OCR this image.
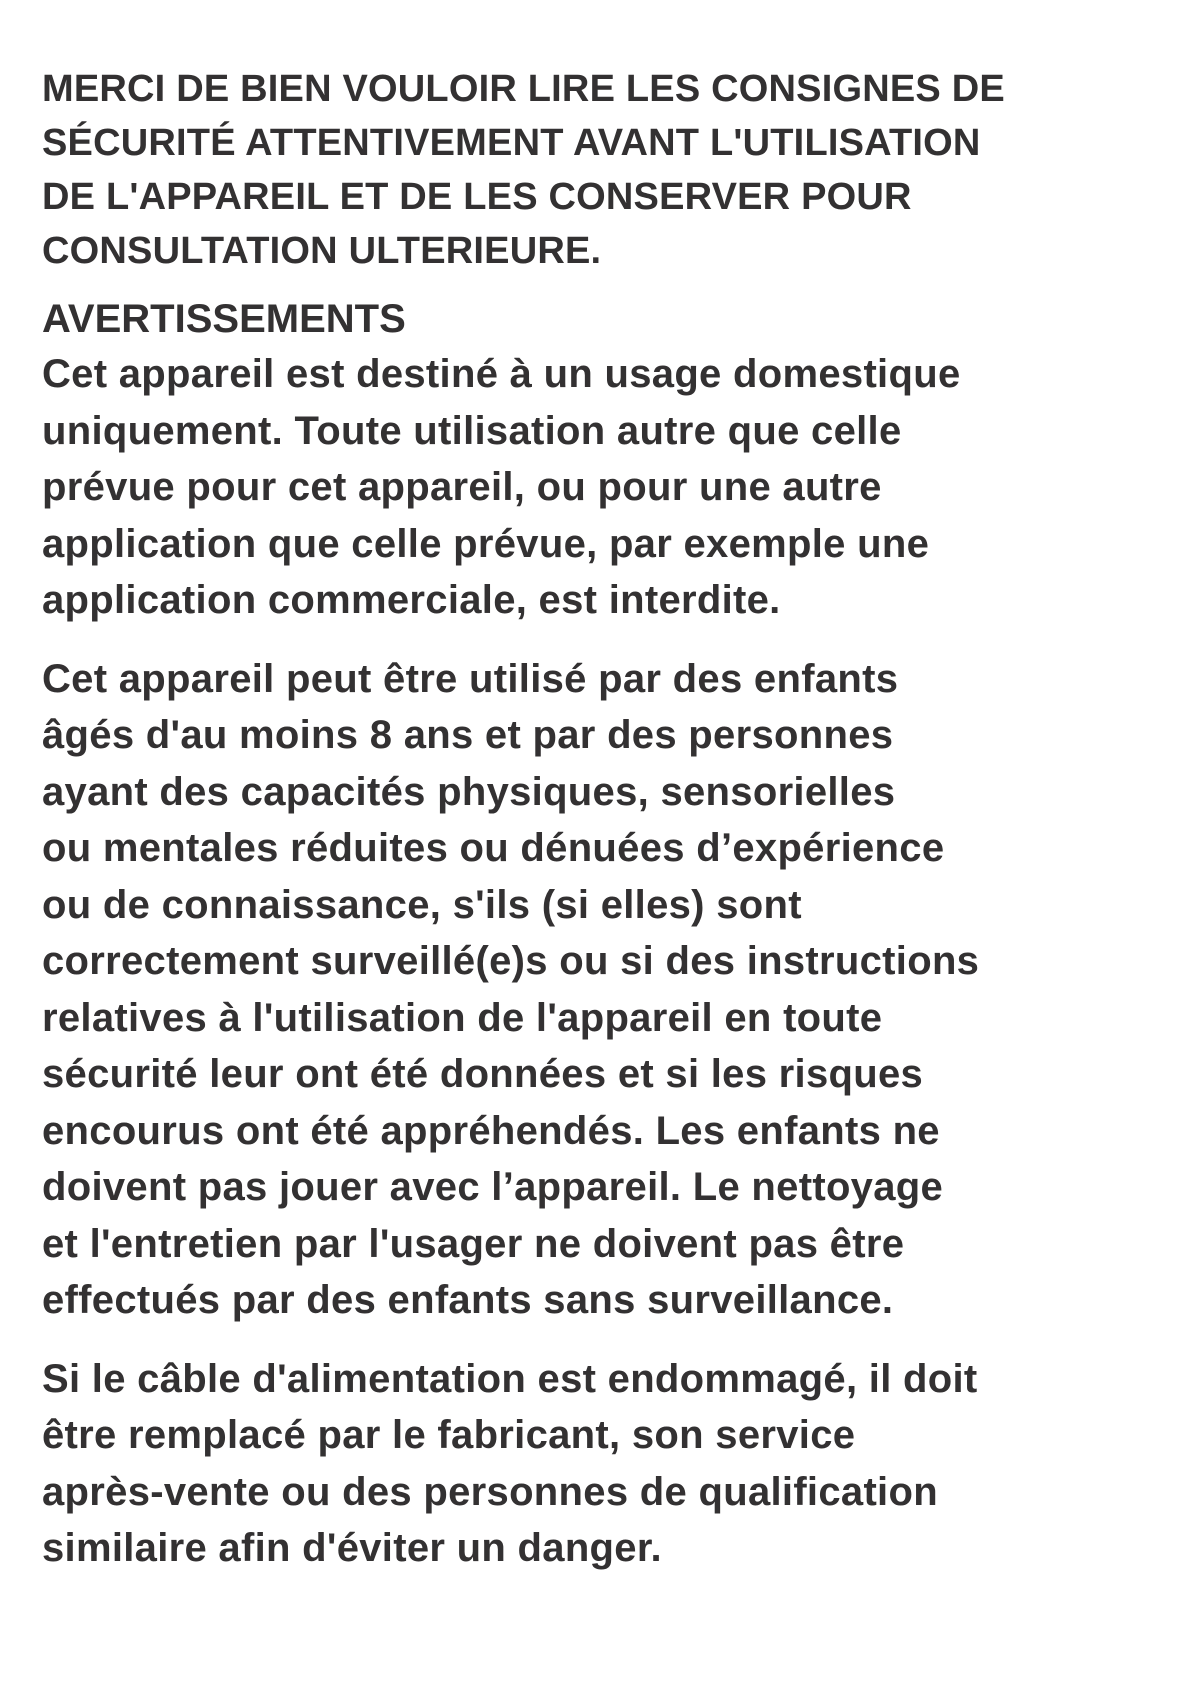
MERCI DE BIEN VOULOIR LIRE LES CONSIGNES DE
SÉCURITÉ ATTENTIVEMENT AVANT L'UTILISATION
DE L'APPAREIL ET DE LES CONSERVER POUR
CONSULTATION ULTERIEURE.

AVERTISSEMENTS

Cet appareil est destiné à un usage domestique
uniquement. Toute utilisation autre que celle
prévue pour cet appareil, ou pour une autre
application que celle prévue, par exemple une
application commerciale, est interdite.

Cet appareil peut être utilisé par des enfants
âgés d'au moins 8 ans et par des personnes
ayant des capacités physiques, sensorielles
ou mentales réduites ou dénuées d’expérience
ou de connaissance, s'ils (si elles) sont
correctement surveillé(e)s ou si des instructions
relatives à l'utilisation de l'appareil en toute
sécurité leur ont été données et si les risques
encourus ont été appréhendés. Les enfants ne
doivent pas jouer avec l’appareil. Le nettoyage
et l'entretien par l'usager ne doivent pas être
effectués par des enfants sans surveillance.

Si le câble d'alimentation est endommagé, il doit
être remplacé par le fabricant, son service
après-vente ou des personnes de qualification
similaire afin d'éviter un danger.
